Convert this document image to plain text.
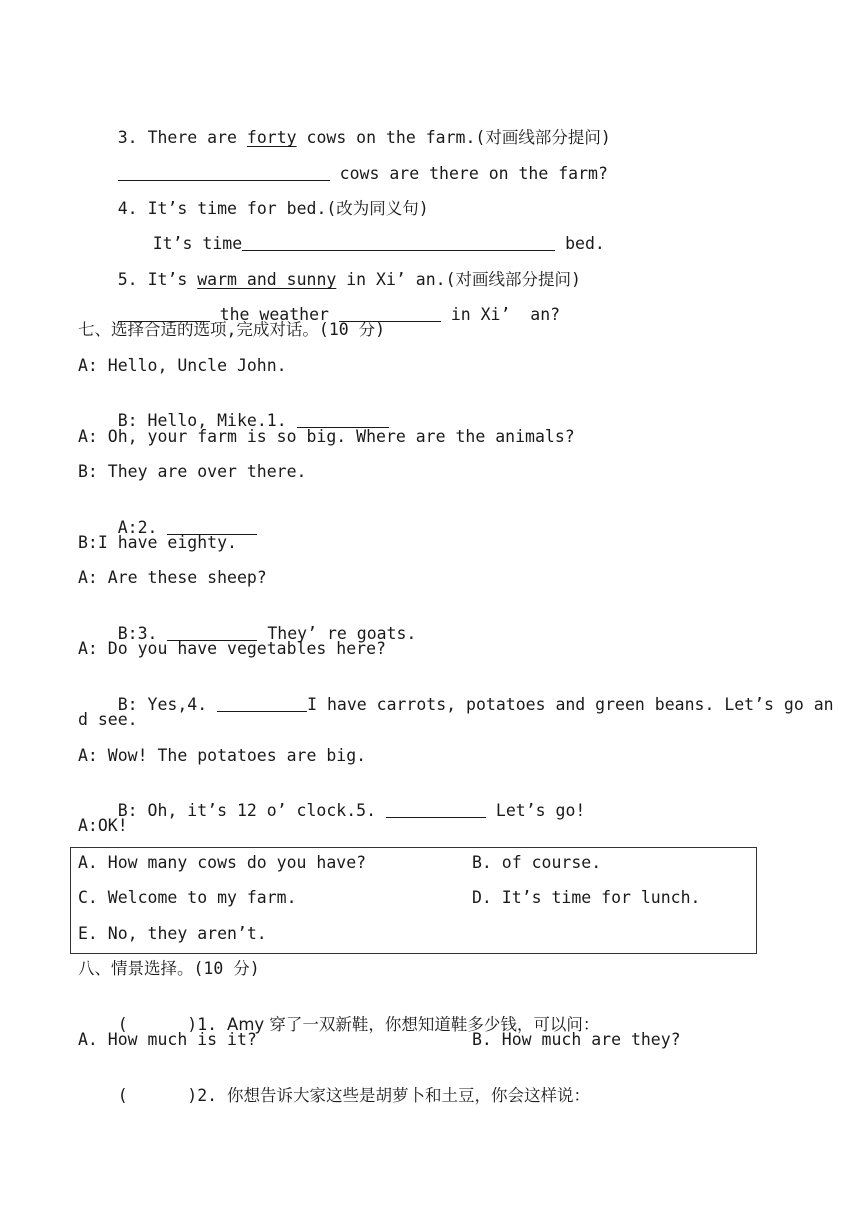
3. There are forty cows on the farm.(对画线部分提问)

cows are there on the farm?

4. It’s time for bed.(改为同义句)

It’s time	bed.

5. It’s warm and sunny in Xi’ an.(对画线部分提问)

the weather	in Xi’  an?

七、选择合适的选项,完成对话。(10 分)
A: Hello, Uncle John.

B: Hello, Mike.1.

A: Oh, your farm is so big. Where are the animals?
B: They are over there.

A:2.

B:I have eighty.
A: Are these sheep?

B:3.	They’ re goats.

A: Do you have vegetables here?

B: Yes,4.	I have carrots, potatoes and green beans. Let’s go an

d see.
A: Wow! The potatoes are big.

B: Oh, it’s 12 o’ clock.5.	Let’s go!

A:OK!
A. How many cows do you have?	B. of course.
C. Welcome to my farm.	D. It’s time for lunch.
E. No, they aren’t.
八、情景选择。(10 分)

(      )1. Amy 穿了一双新鞋，你想知道鞋多少钱，可以问：

A. How much is it?	B. How much are they?

(      )2. 你想告诉大家这些是胡萝卜和土豆，你会这样说：
